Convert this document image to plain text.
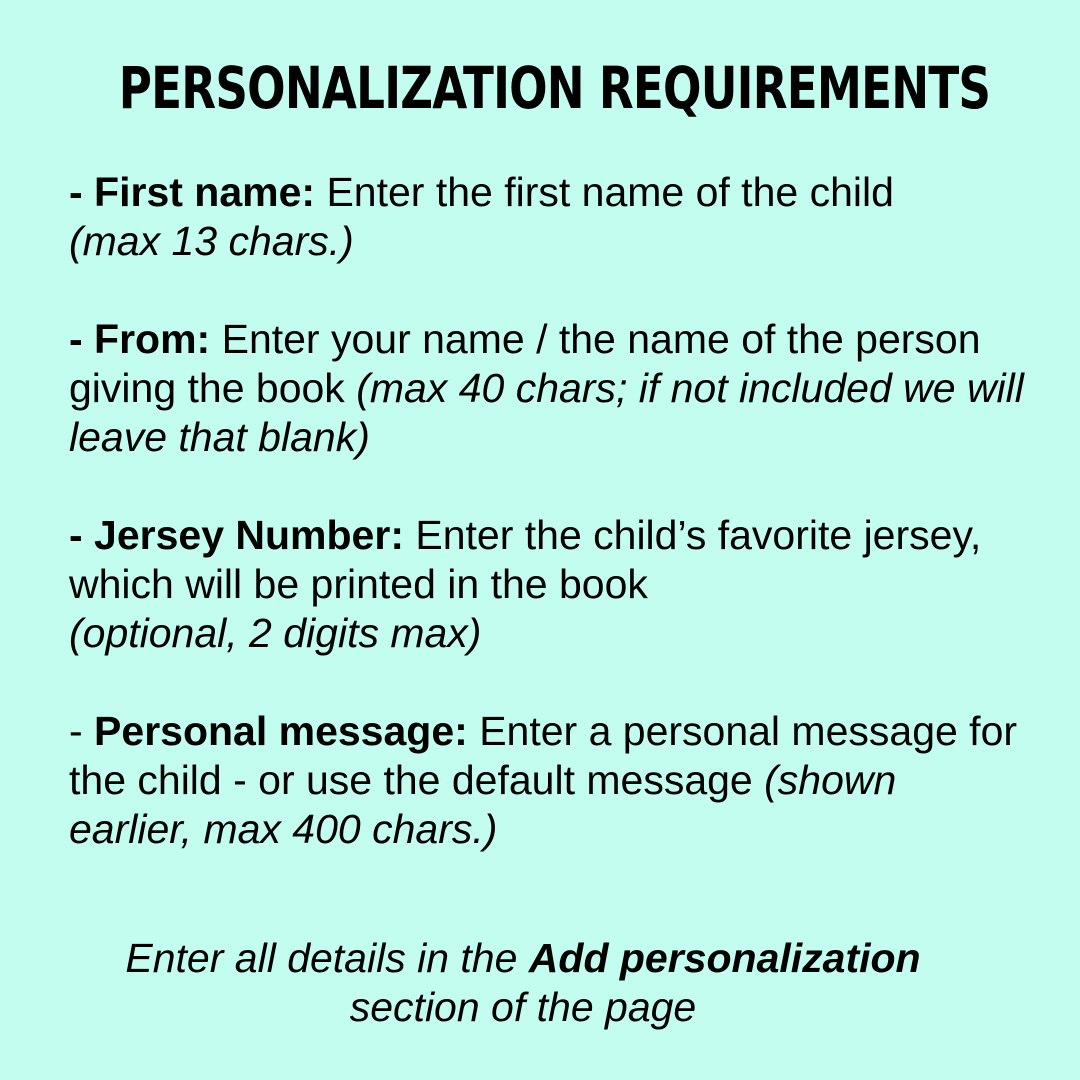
PERSONALIZATION REQUIREMENTS
- First name: Enter the first name of the child
(max 13 chars.)
- From: Enter your name / the name of the person giving the book (max 40 chars; if not included we will leave that blank)
- Jersey Number: Enter the child’s favorite jersey, which will be printed in the book
(optional, 2 digits max)
- Personal message: Enter a personal message for the child - or use the default message (shown earlier, max 400 chars.)
Enter all details in the Add personalization
section of the page
